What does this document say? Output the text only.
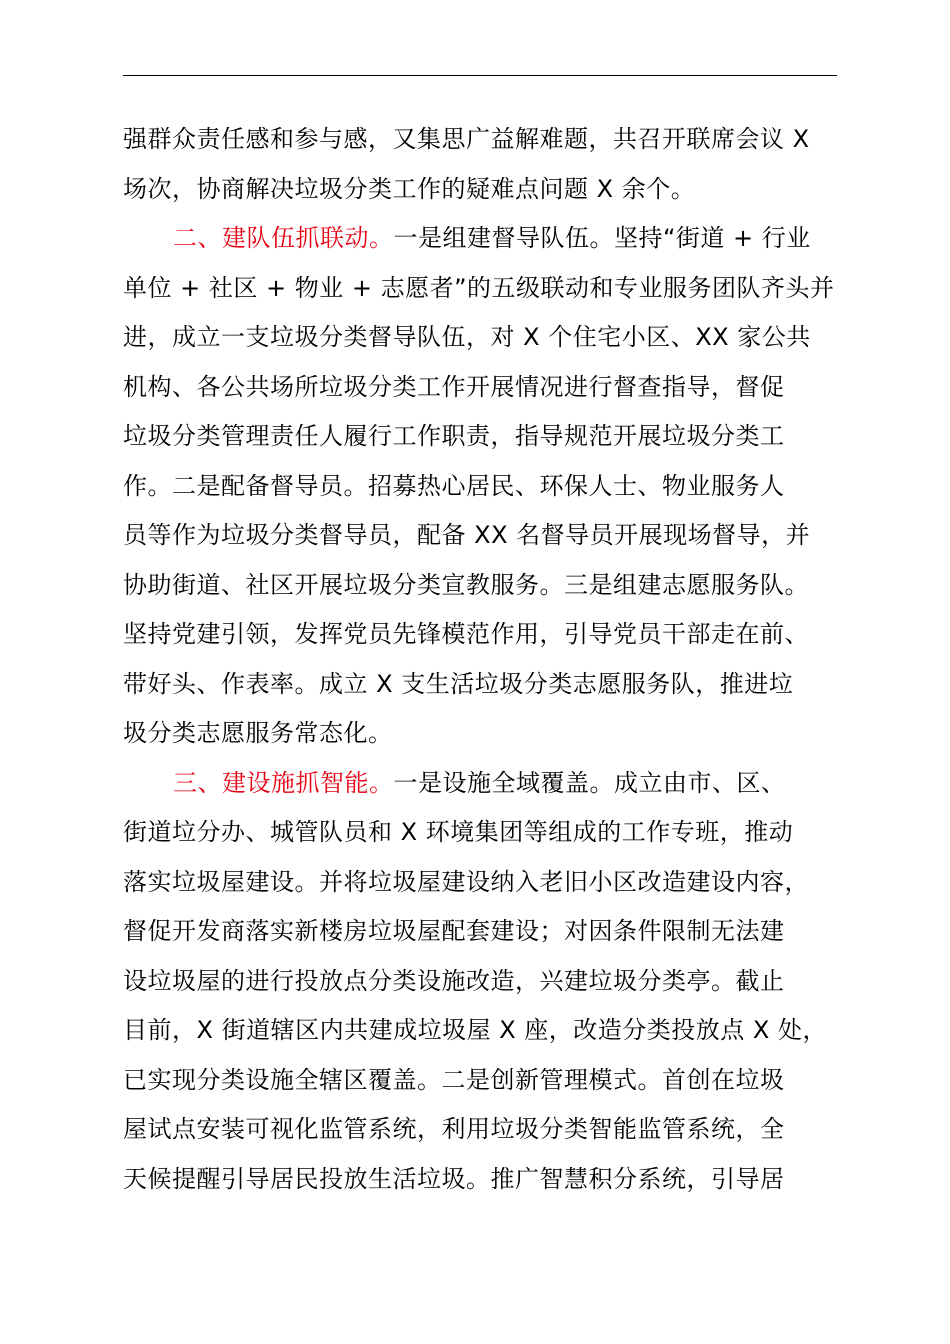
强群众责任感和参与感，又集思广益解难题，共召开联席会议 X
场次，协商解决垃圾分类工作的疑难点问题 X 余个。
二、建队伍抓联动。一是组建督导队伍。坚持“街道 + 行业
单位 + 社区 + 物业 + 志愿者”的五级联动和专业服务团队齐头并
进，成立一支垃圾分类督导队伍，对 X 个住宅小区、XX 家公共
机构、各公共场所垃圾分类工作开展情况进行督查指导，督促
垃圾分类管理责任人履行工作职责，指导规范开展垃圾分类工
作。二是配备督导员。招募热心居民、环保人士、物业服务人
员等作为垃圾分类督导员，配备 XX 名督导员开展现场督导，并
协助街道、社区开展垃圾分类宣教服务。三是组建志愿服务队。
坚持党建引领，发挥党员先锋模范作用，引导党员干部走在前、
带好头、作表率。成立 X 支生活垃圾分类志愿服务队，推进垃
圾分类志愿服务常态化。
三、建设施抓智能。一是设施全域覆盖。成立由市、区、
街道垃分办、城管队员和 X 环境集团等组成的工作专班，推动
落实垃圾屋建设。并将垃圾屋建设纳入老旧小区改造建设内容，
督促开发商落实新楼房垃圾屋配套建设；对因条件限制无法建
设垃圾屋的进行投放点分类设施改造，兴建垃圾分类亭。截止
目前，X 街道辖区内共建成垃圾屋 X 座，改造分类投放点 X 处，
已实现分类设施全辖区覆盖。二是创新管理模式。首创在垃圾
屋试点安装可视化监管系统，利用垃圾分类智能监管系统，全
天候提醒引导居民投放生活垃圾。推广智慧积分系统，引导居
